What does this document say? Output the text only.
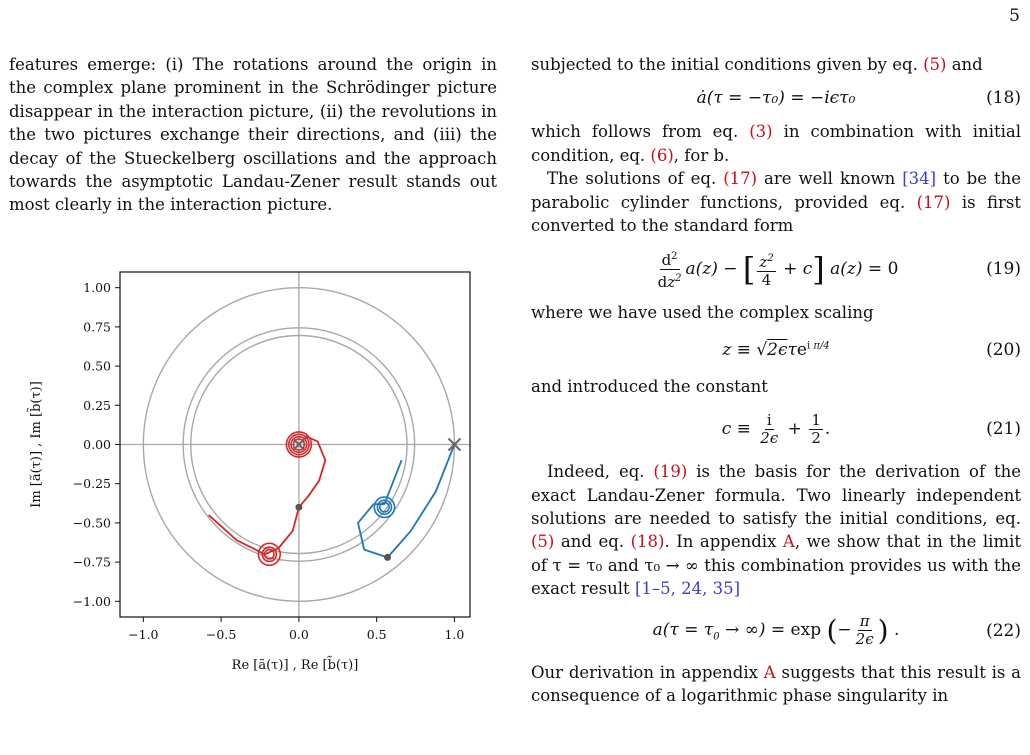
5

features emerge: (i) The rotations around the origin in the complex plane prominent in the Schrödinger picture disappear in the interaction picture, (ii) the revolutions in the two pictures exchange their directions, and (iii) the decay of the Stueckelberg oscillations and the approach towards the asymptotic Landau-Zener result stands out most clearly in the interaction picture.

−1.0	−0.5	0.0	0.5	1.0
1.00
0.75
0.50
0.25
0.00
−0.25
−0.50
−0.75
−1.00
Re [ã(τ)] , Re [b̃(τ)]
Im [ã(τ)] , Im [b̃(τ)]

subjected to the initial conditions given by eq. (5) and

ȧ(τ = −τ₀) = −iϵτ₀	(18)

which follows from eq. (3) in combination with initial condition, eq. (6), for b.

The solutions of eq. (17) are well known [34] to be the parabolic cylinder functions, provided eq. (17) is first converted to the standard form

$\frac{d^2}{dz^2} a(z)$ − [ $\frac{z^2}{4} + c$] a(z) = 0	(19)

where we have used the complex scaling

z ≡ √2ϵτe$^{i \pi/4}$	(20)

and introduced the constant

$c \equiv \frac{i}{2\epsilon} + \frac{1}{2}$ .	(21)

Indeed, eq. (19) is the basis for the derivation of the exact Landau-Zener formula. Two linearly independent solutions are needed to satisfy the initial conditions, eq. (5) and eq. (18). In appendix A, we show that in the limit of τ = τ₀ and τ₀ → ∞ this combination provides us with the exact result [1–5, 24, 35]

$a(\tau = \tau_0$ → ∞) = exp (− $\frac{\pi}{2\epsilon}$ ) .	(22)

Our derivation in appendix A suggests that this result is a consequence of a logarithmic phase singularity in
